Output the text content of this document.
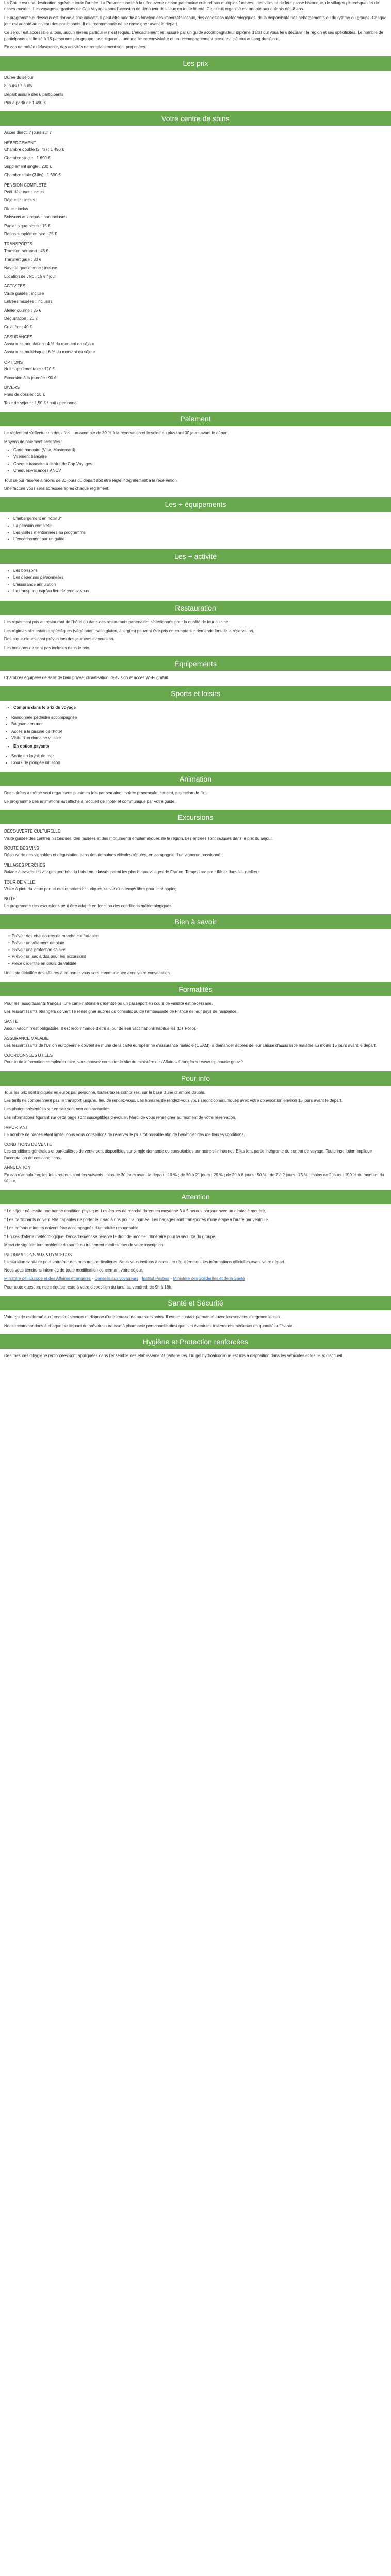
La Chine est une destination agréable toute l'année. La Provence invite à la découverte de son patrimoine culturel aux multiples facettes : des villes et de leur passé historique, de villages pittoresques et de riches musées. Les voyages organisés de Cap Voyages sont l'occasion de découvrir des lieux en toute liberté. Ce circuit organisé est adapté aux enfants dès 8 ans.

Le programme ci-dessous est donné à titre indicatif. Il peut être modifié en fonction des impératifs locaux, des conditions météorologiques, de la disponibilité des hébergements ou du rythme du groupe. Chaque jour est adapté au niveau des participants. Il est recommandé de se renseigner avant le départ.

Ce séjour est accessible à tous, aucun niveau particulier n'est requis. L'encadrement est assuré par un guide accompagnateur diplômé d'État qui vous fera découvrir la région et ses spécificités. Le nombre de participants est limité à 15 personnes par groupe, ce qui garantit une meilleure convivialité et un accompagnement personnalisé tout au long du séjour.

En cas de météo défavorable, des activités de remplacement sont proposées.

Les prix

Durée du séjour

8 jours / 7 nuits

Départ assuré dès 6 participants

Prix à partir de 1 490 €

Votre centre de soins

Accès direct, 7 jours sur 7

HÉBERGEMENT

Chambre double (2 lits) : 1 490 €

Chambre single : 1 690 €

Supplément single : 200 €

Chambre triple (3 lits) : 1 390 €

PENSION COMPLÈTE

Petit-déjeuner : inclus

Déjeuner : inclus

Dîner : inclus

Boissons aux repas : non incluses

Panier pique-nique : 15 €

Repas supplémentaire : 25 €

TRANSPORTS

Transfert aéroport : 45 €

Transfert gare : 30 €

Navette quotidienne : incluse

Location de vélo : 15 € / jour

ACTIVITÉS

Visite guidée : incluse

Entrées musées : incluses

Atelier cuisine : 35 €

Dégustation : 20 €

Croisière : 40 €

ASSURANCES

Assurance annulation : 4 % du montant du séjour

Assurance multirisque : 6 % du montant du séjour

OPTIONS

Nuit supplémentaire : 120 €

Excursion à la journée : 90 €

DIVERS

Frais de dossier : 25 €

Taxe de séjour : 1,50 € / nuit / personne

Paiement

Le règlement s'effectue en deux fois : un acompte de 30 % à la réservation et le solde au plus tard 30 jours avant le départ.

Moyens de paiement acceptés :

• Carte bancaire (Visa, Mastercard)
• Virement bancaire
• Chèque bancaire à l'ordre de Cap Voyages
• Chèques-vacances ANCV

Tout séjour réservé à moins de 30 jours du départ doit être réglé intégralement à la réservation.

Une facture vous sera adressée après chaque règlement.

Les + équipements
• L'hébergement en hôtel 3*
• La pension complète
• Les visites mentionnées au programme
• L'encadrement par un guide
Les + activité
• Les boissons
• Les dépenses personnelles
• L'assurance annulation
• Le transport jusqu'au lieu de rendez-vous
Restauration

Les repas sont pris au restaurant de l'hôtel ou dans des restaurants partenaires sélectionnés pour la qualité de leur cuisine.

Les régimes alimentaires spécifiques (végétarien, sans gluten, allergies) peuvent être pris en compte sur demande lors de la réservation.

Des pique-niques sont prévus lors des journées d'excursion.

Les boissons ne sont pas incluses dans le prix.

Équipements

Chambres équipées de salle de bain privée, climatisation, télévision et accès Wi-Fi gratuit.

Sports et loisirs
• Compris dans le prix du voyage
• Randonnée pédestre accompagnée
• Baignade en mer
• Accès à la piscine de l'hôtel
• Visite d'un domaine viticole
• En option payante
• Sortie en kayak de mer
• Cours de plongée initiation
Animation

Des soirées à thème sont organisées plusieurs fois par semaine : soirée provençale, concert, projection de film.

Le programme des animations est affiché à l'accueil de l'hôtel et communiqué par votre guide.

Excursions

DÉCOUVERTE CULTURELLE

Visite guidée des centres historiques, des musées et des monuments emblématiques de la région. Les entrées sont incluses dans le prix du séjour.

ROUTE DES VINS

Découverte des vignobles et dégustation dans des domaines viticoles réputés, en compagnie d'un vigneron passionné.

VILLAGES PERCHÉS

Balade à travers les villages perchés du Luberon, classés parmi les plus beaux villages de France. Temps libre pour flâner dans les ruelles.

TOUR DE VILLE

Visite à pied du vieux port et des quartiers historiques, suivie d'un temps libre pour le shopping.

NOTE

Le programme des excursions peut être adapté en fonction des conditions météorologiques.

Bien à savoir
• Prévoir des chaussures de marche confortables
• Prévoir un vêtement de pluie
• Prévoir une protection solaire
• Prévoir un sac à dos pour les excursions
• Pièce d'identité en cours de validité

Une liste détaillée des affaires à emporter vous sera communiquée avec votre convocation.

Formalités

Pour les ressortissants français, une carte nationale d'identité ou un passeport en cours de validité est nécessaire.

Les ressortissants étrangers doivent se renseigner auprès du consulat ou de l'ambassade de France de leur pays de résidence.

SANTÉ

Aucun vaccin n'est obligatoire. Il est recommandé d'être à jour de ses vaccinations habituelles (DT Polio).

ASSURANCE MALADIE

Les ressortissants de l'Union européenne doivent se munir de la carte européenne d'assurance maladie (CEAM), à demander auprès de leur caisse d'assurance maladie au moins 15 jours avant le départ.

COORDONNÉES UTILES

Pour toute information complémentaire, vous pouvez consulter le site du ministère des Affaires étrangères : www.diplomatie.gouv.fr

Pour info

Tous les prix sont indiqués en euros par personne, toutes taxes comprises, sur la base d'une chambre double.

Les tarifs ne comprennent pas le transport jusqu'au lieu de rendez-vous. Les horaires de rendez-vous vous seront communiqués avec votre convocation environ 15 jours avant le départ.

Les photos présentées sur ce site sont non contractuelles.

Les informations figurant sur cette page sont susceptibles d'évoluer. Merci de vous renseigner au moment de votre réservation.

IMPORTANT

Le nombre de places étant limité, nous vous conseillons de réserver le plus tôt possible afin de bénéficier des meilleures conditions.

CONDITIONS DE VENTE

Les conditions générales et particulières de vente sont disponibles sur simple demande ou consultables sur notre site internet. Elles font partie intégrante du contrat de voyage. Toute inscription implique l'acceptation de ces conditions.

ANNULATION

En cas d'annulation, les frais retenus sont les suivants : plus de 30 jours avant le départ : 10 % ; de 30 à 21 jours : 25 % ; de 20 à 8 jours : 50 % ; de 7 à 2 jours : 75 % ; moins de 2 jours : 100 % du montant du séjour.

Attention

* Le séjour nécessite une bonne condition physique. Les étapes de marche durent en moyenne 3 à 5 heures par jour avec un dénivelé modéré.

* Les participants doivent être capables de porter leur sac à dos pour la journée. Les bagages sont transportés d'une étape à l'autre par véhicule.

* Les enfants mineurs doivent être accompagnés d'un adulte responsable.

* En cas d'alerte météorologique, l'encadrement se réserve le droit de modifier l'itinéraire pour la sécurité du groupe.

Merci de signaler tout problème de santé ou traitement médical lors de votre inscription.

INFORMATIONS AUX VOYAGEURS

La situation sanitaire peut entraîner des mesures particulières. Nous vous invitons à consulter régulièrement les informations officielles avant votre départ.

Nous vous tiendrons informés de toute modification concernant votre séjour.

Ministère de l'Europe et des Affaires étrangères · Conseils aux voyageurs · Institut Pasteur · Ministère des Solidarités et de la Santé

Pour toute question, notre équipe reste à votre disposition du lundi au vendredi de 9h à 18h.

Santé et Sécurité

Votre guide est formé aux premiers secours et dispose d'une trousse de premiers soins. Il est en contact permanent avec les services d'urgence locaux.

Nous recommandons à chaque participant de prévoir sa trousse à pharmacie personnelle ainsi que ses éventuels traitements médicaux en quantité suffisante.

Hygiène et Protection renforcées

Des mesures d'hygiène renforcées sont appliquées dans l'ensemble des établissements partenaires. Du gel hydroalcoolique est mis à disposition dans les véhicules et les lieux d'accueil.
